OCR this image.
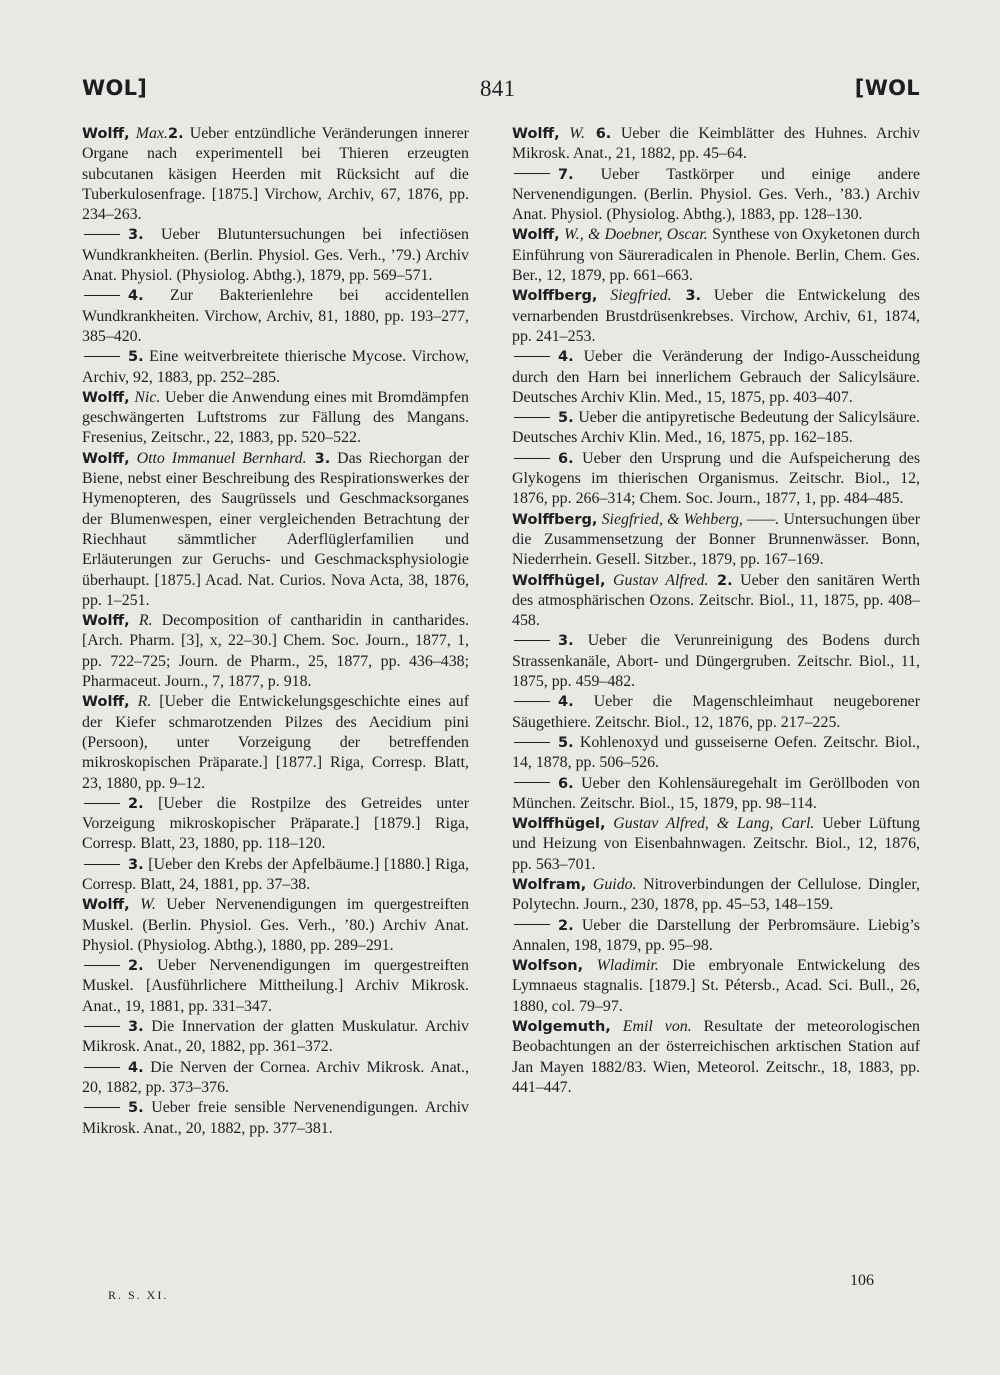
WOL]	841	[WOL

Wolff, Max.2. Ueber entzündliche Veränderungen innerer Organe nach experimentell bei Thieren erzeugten subcutanen käsigen Heerden mit Rücksicht auf die Tuberkulosenfrage. [1875.] Virchow, Archiv, 67, 1876, pp. 234–263.

3. Ueber Blutuntersuchungen bei infectiösen Wundkrankheiten. (Berlin. Physiol. Ges. Verh., ’79.) Archiv Anat. Physiol. (Physiolog. Abthg.), 1879, pp. 569–571.

4. Zur Bakterienlehre bei accidentellen Wundkrankheiten. Virchow, Archiv, 81, 1880, pp. 193–277, 385–420.

5. Eine weitverbreitete thierische Mycose. Virchow, Archiv, 92, 1883, pp. 252–285.

Wolff, Nic. Ueber die Anwendung eines mit Bromdämpfen geschwängerten Luftstroms zur Fällung des Mangans. Fresenius, Zeitschr., 22, 1883, pp. 520–522.

Wolff, Otto Immanuel Bernhard. 3. Das Riechorgan der Biene, nebst einer Beschreibung des Respirationswerkes der Hymenopteren, des Saugrüssels und Geschmacksorganes der Blumenwespen, einer vergleichenden Betrachtung der Riechhaut sämmtlicher Aderflüglerfamilien und Erläuterungen zur Geruchs- und Geschmacksphysiologie überhaupt. [1875.] Acad. Nat. Curios. Nova Acta, 38, 1876, pp. 1–251.

Wolff, R. Decomposition of cantharidin in cantharides. [Arch. Pharm. [3], x, 22–30.] Chem. Soc. Journ., 1877, 1, pp. 722–725; Journ. de Pharm., 25, 1877, pp. 436–438; Pharmaceut. Journ., 7, 1877, p. 918.

Wolff, R. [Ueber die Entwickelungsgeschichte eines auf der Kiefer schmarotzenden Pilzes des Aecidium pini (Persoon), unter Vorzeigung der betreffenden mikroskopischen Präparate.] [1877.] Riga, Corresp. Blatt, 23, 1880, pp. 9–12.

2. [Ueber die Rostpilze des Getreides unter Vorzeigung mikroskopischer Präparate.] [1879.] Riga, Corresp. Blatt, 23, 1880, pp. 118–120.

3. [Ueber den Krebs der Apfelbäume.] [1880.] Riga, Corresp. Blatt, 24, 1881, pp. 37–38.

Wolff, W. Ueber Nervenendigungen im quergestreiften Muskel. (Berlin. Physiol. Ges. Verh., ’80.) Archiv Anat. Physiol. (Physiolog. Abthg.), 1880, pp. 289–291.

2. Ueber Nervenendigungen im quergestreiften Muskel. [Ausführlichere Mittheilung.] Archiv Mikrosk. Anat., 19, 1881, pp. 331–347.

3. Die Innervation der glatten Muskulatur. Archiv Mikrosk. Anat., 20, 1882, pp. 361–372.

4. Die Nerven der Cornea. Archiv Mikrosk. Anat., 20, 1882, pp. 373–376.

5. Ueber freie sensible Nervenendigungen. Archiv Mikrosk. Anat., 20, 1882, pp. 377–381.

Wolff, W. 6. Ueber die Keimblätter des Huhnes. Archiv Mikrosk. Anat., 21, 1882, pp. 45–64.

7. Ueber Tastkörper und einige andere Nervenendigungen. (Berlin. Physiol. Ges. Verh., ’83.) Archiv Anat. Physiol. (Physiolog. Abthg.), 1883, pp. 128–130.

Wolff, W., & Doebner, Oscar. Synthese von Oxyketonen durch Einführung von Säureradicalen in Phenole. Berlin, Chem. Ges. Ber., 12, 1879, pp. 661–663.

Wolffberg, Siegfried. 3. Ueber die Entwickelung des vernarbenden Brustdrüsenkrebses. Virchow, Archiv, 61, 1874, pp. 241–253.

4. Ueber die Veränderung der Indigo-Ausscheidung durch den Harn bei innerlichem Gebrauch der Salicylsäure. Deutsches Archiv Klin. Med., 15, 1875, pp. 403–407.

5. Ueber die antipyretische Bedeutung der Salicylsäure. Deutsches Archiv Klin. Med., 16, 1875, pp. 162–185.

6. Ueber den Ursprung und die Aufspeicherung des Glykogens im thierischen Organismus. Zeitschr. Biol., 12, 1876, pp. 266–314; Chem. Soc. Journ., 1877, 1, pp. 484–485.

Wolffberg, Siegfried, & Wehberg, ——. Untersuchungen über die Zusammensetzung der Bonner Brunnenwässer. Bonn, Niederrhein. Gesell. Sitzber., 1879, pp. 167–169.

Wolffhügel, Gustav Alfred. 2. Ueber den sanitären Werth des atmosphärischen Ozons. Zeitschr. Biol., 11, 1875, pp. 408–458.

3. Ueber die Verunreinigung des Bodens durch Strassenkanäle, Abort- und Düngergruben. Zeitschr. Biol., 11, 1875, pp. 459–482.

4. Ueber die Magenschleimhaut neugeborener Säugethiere. Zeitschr. Biol., 12, 1876, pp. 217–225.

5. Kohlenoxyd und gusseiserne Oefen. Zeitschr. Biol., 14, 1878, pp. 506–526.

6. Ueber den Kohlensäuregehalt im Geröllboden von München. Zeitschr. Biol., 15, 1879, pp. 98–114.

Wolffhügel, Gustav Alfred, & Lang, Carl. Ueber Lüftung und Heizung von Eisenbahnwagen. Zeitschr. Biol., 12, 1876, pp. 563–701.

Wolfram, Guido. Nitroverbindungen der Cellulose. Dingler, Polytechn. Journ., 230, 1878, pp. 45–53, 148–159.

2. Ueber die Darstellung der Perbromsäure. Liebig’s Annalen, 198, 1879, pp. 95–98.

Wolfson, Wladimir. Die embryonale Entwickelung des Lymnaeus stagnalis. [1879.] St. Pétersb., Acad. Sci. Bull., 26, 1880, col. 79–97.

Wolgemuth, Emil von. Resultate der meteorologischen Beobachtungen an der österreichischen arktischen Station auf Jan Mayen 1882/83. Wien, Meteorol. Zeitschr., 18, 1883, pp. 441–447.

R. S. XI.
106
